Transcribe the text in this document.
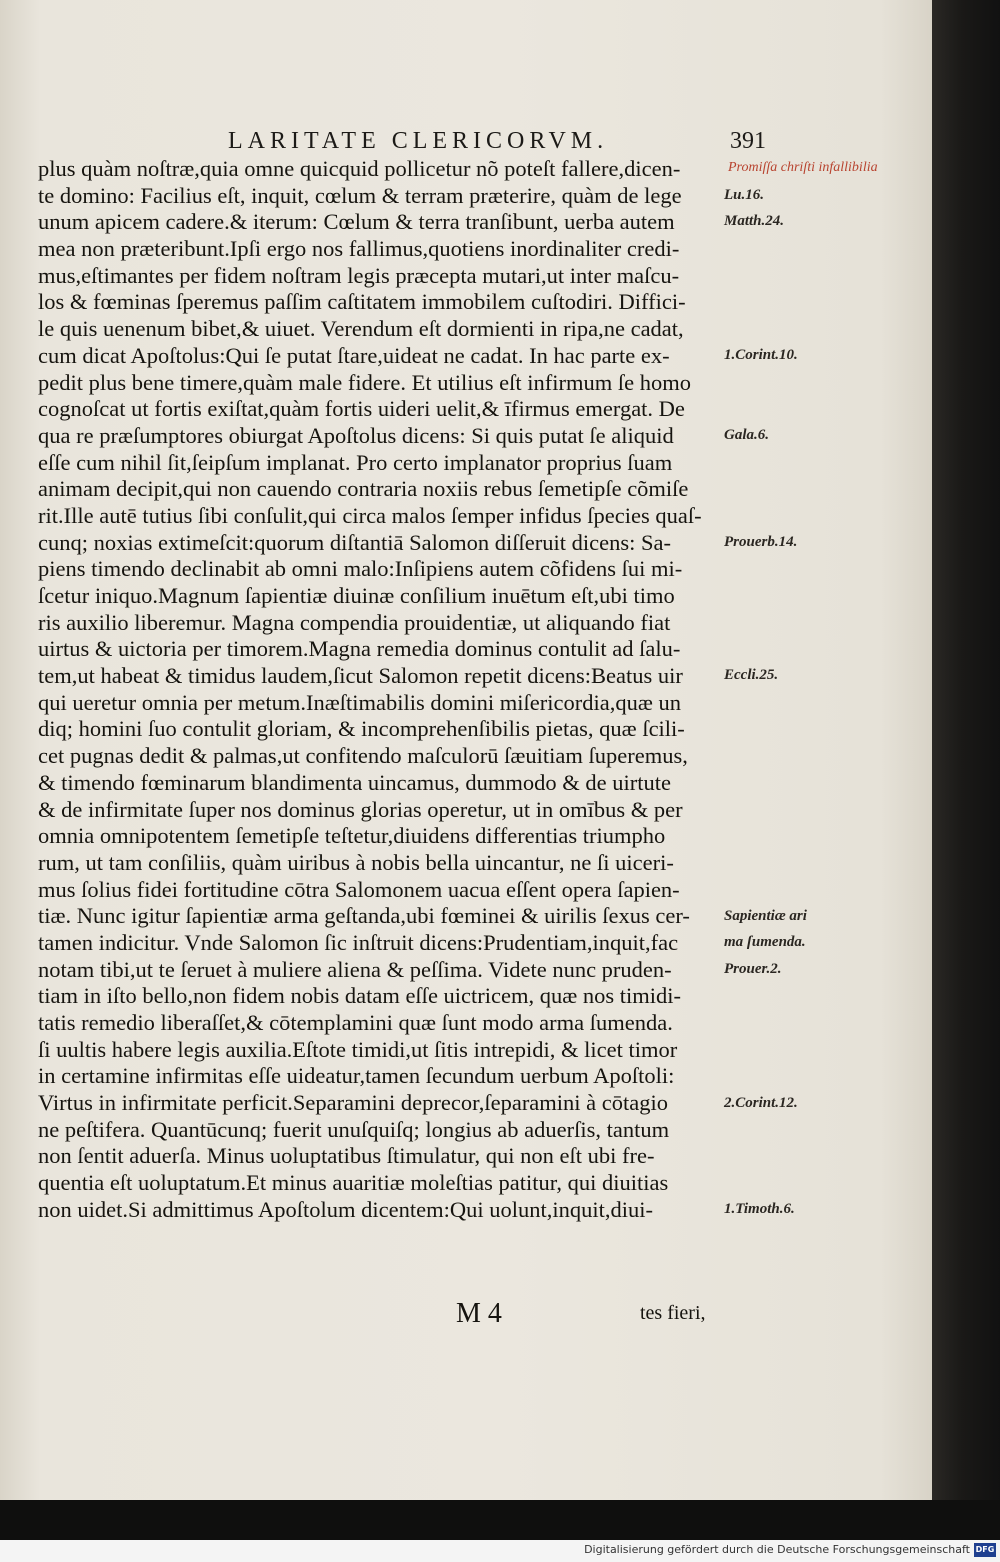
LARITATE CLERICORVM.	391
plus quàm noſtræ,quia omne quicquid pollicetur nõ poteſt fallere,dicen-
te domino: Facilius eſt, inquit, cœlum & terram præterire, quàm de lege
unum apicem cadere.& iterum: Cœlum & terra tranſibunt, uerba autem
mea non præteribunt.Ipſi ergo nos fallimus,quotiens inordinaliter credi-
mus,eſtimantes per fidem noſtram legis præcepta mutari,ut inter maſcu-
los & fœminas ſperemus paſſim caſtitatem immobilem cuſtodiri. Diffici-
le quis uenenum bibet,& uiuet. Verendum eſt dormienti in ripa,ne cadat,
cum dicat Apoſtolus:Qui ſe putat ſtare,uideat ne cadat. In hac parte ex-
pedit plus bene timere,quàm male fidere. Et utilius eſt infirmum ſe homo
cognoſcat ut fortis exiſtat,quàm fortis uideri uelit,& īfirmus emergat. De
qua re præſumptores obiurgat Apoſtolus dicens: Si quis putat ſe aliquid
eſſe cum nihil ſit,ſeipſum implanat. Pro certo implanator proprius ſuam
animam decipit,qui non cauendo contraria noxiis rebus ſemetipſe cõmiſe
rit.Ille autē tutius ſibi conſulit,qui circa malos ſemper infidus ſpecies quaſ-
cunq; noxias extimeſcit:quorum diſtantiā Salomon diſſeruit dicens: Sa-
piens timendo declinabit ab omni malo:Inſipiens autem cõfidens ſui mi-
ſcetur iniquo.Magnum ſapientiæ diuinæ conſilium inuētum eſt,ubi timo
ris auxilio liberemur. Magna compendia prouidentiæ, ut aliquando fiat
uirtus & uictoria per timorem.Magna remedia dominus contulit ad ſalu-
tem,ut habeat & timidus laudem,ſicut Salomon repetit dicens:Beatus uir
qui ueretur omnia per metum.Inæſtimabilis domini miſericordia,quæ un
diq; homini ſuo contulit gloriam, & incomprehenſibilis pietas, quæ ſcili-
cet pugnas dedit & palmas,ut confitendo maſculorū ſæuitiam ſuperemus,
& timendo fœminarum blandimenta uincamus, dummodo & de uirtute
& de infirmitate ſuper nos dominus glorias operetur, ut in omībus & per
omnia omnipotentem ſemetipſe teſtetur,diuidens differentias triumpho
rum, ut tam conſiliis, quàm uiribus à nobis bella uincantur, ne ſi uiceri-
mus ſolius fidei fortitudine cōtra Salomonem uacua eſſent opera ſapien-
tiæ. Nunc igitur ſapientiæ arma geſtanda,ubi fœminei & uirilis ſexus cer-
tamen indicitur. Vnde Salomon ſic inſtruit dicens:Prudentiam,inquit,fac
notam tibi,ut te ſeruet à muliere aliena & peſſima. Videte nunc pruden-
tiam in iſto bello,non fidem nobis datam eſſe uictricem, quæ nos timidi-
tatis remedio liberaſſet,& cōtemplamini quæ ſunt modo arma ſumenda.
ſi uultis habere legis auxilia.Eſtote timidi,ut ſitis intrepidi, & licet timor
in certamine infirmitas eſſe uideatur,tamen ſecundum uerbum Apoſtoli:
Virtus in infirmitate perficit.Separamini deprecor,ſeparamini à cōtagio
ne peſtifera. Quantūcunq; fuerit unuſquiſq; longius ab aduerſis, tantum
non ſentit aduerſa. Minus uoluptatibus ſtimulatur, qui non eſt ubi fre-
quentia eſt uoluptatum.Et minus auaritiæ moleſtias patitur, qui diuitias
non uidet.Si admittimus Apoſtolum dicentem:Qui uolunt,inquit,diui-
Promiſſa chriſti infallibilia
Lu.16.
Matth.24.
1.Corint.10.
Gala.6.
Prouerb.14.
Eccli.25.
Sapientiæ ari
ma ſumenda.
Prouer.2.
2.Corint.12.
1.Timoth.6.
M 4	tes fieri,
Digitalisierung gefördert durch die Deutsche Forschungsgemeinschaft DFG
